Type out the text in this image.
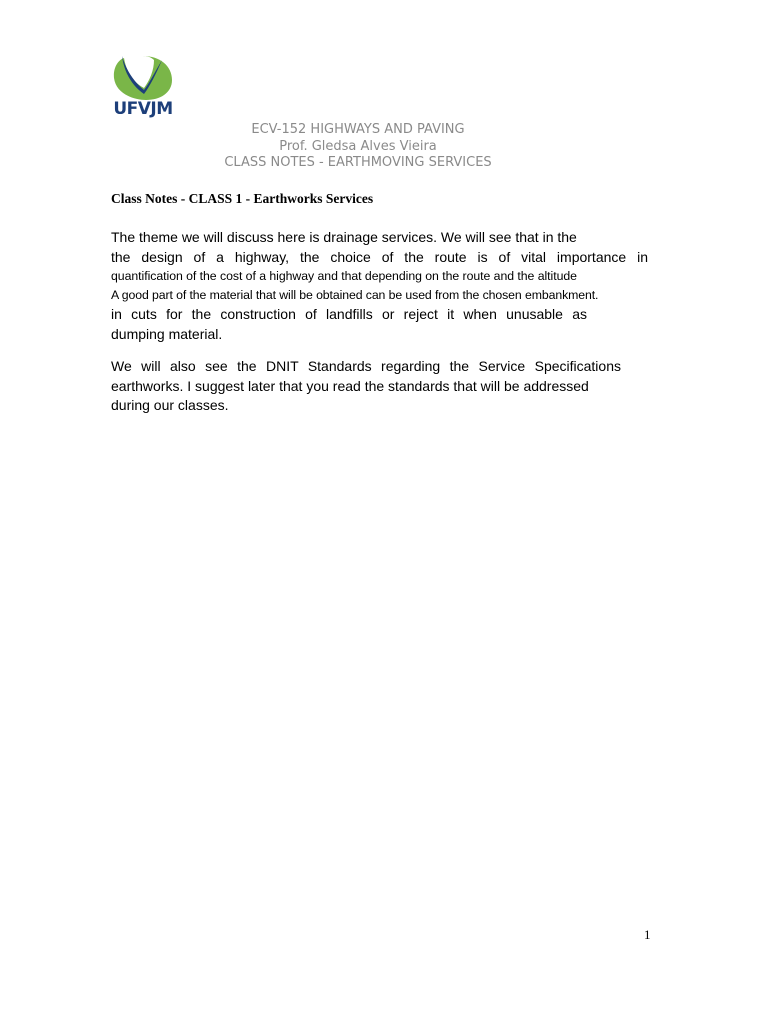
UFVJM
ECV-152 HIGHWAYS AND PAVING
Prof. Gledsa Alves Vieira
CLASS NOTES - EARTHMOVING SERVICES
Class Notes - CLASS 1 - Earthworks Services
The theme we will discuss here is drainage services. We will see that in the
the design of a highway, the choice of the route is of vital importance in
quantification of the cost of a highway and that depending on the route and the altitude
A good part of the material that will be obtained can be used from the chosen embankment.
in cuts for the construction of landfills or reject it when unusable as
dumping material.
We will also see the DNIT Standards regarding the Service Specifications
earthworks. I suggest later that you read the standards that will be addressed
during our classes.
1
